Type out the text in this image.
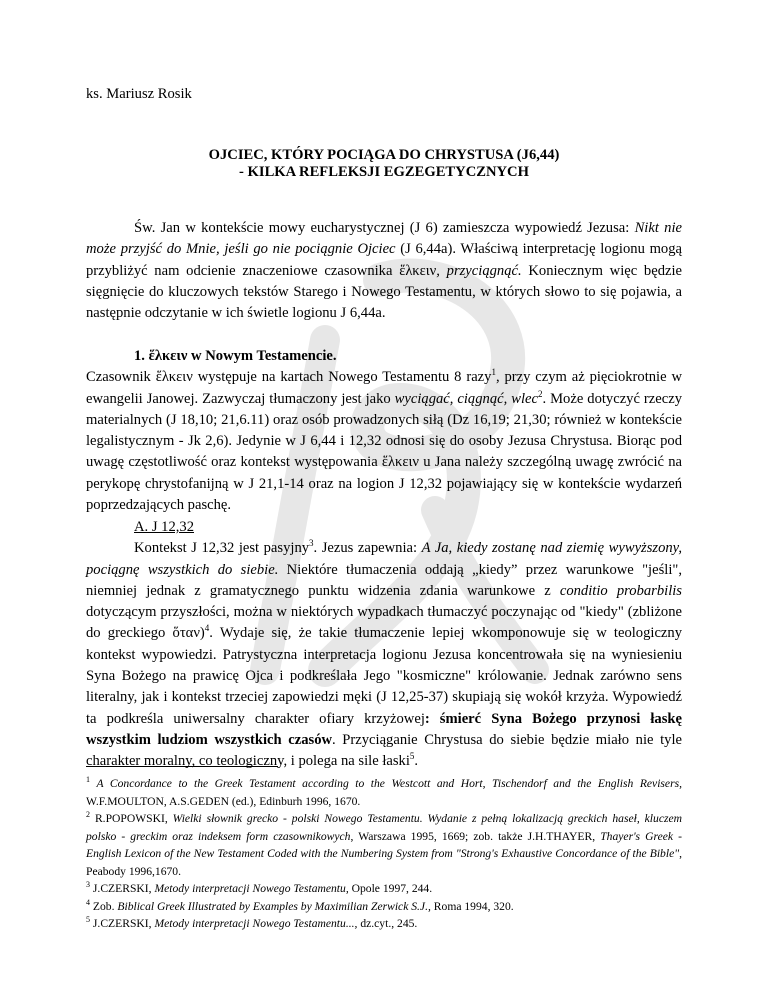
ks. Mariusz Rosik
OJCIEC, KTÓRY POCIĄGA DO CHRYSTUSA (J6,44)
- KILKA REFLEKSJI EGZEGETYCZNYCH

Św. Jan w kontekście mowy eucharystycznej (J 6) zamieszcza wypowiedź Jezusa: Nikt nie może przyjść do Mnie, jeśli go nie pociągnie Ojciec (J 6,44a). Właściwą interpretację logionu mogą przybliżyć nam odcienie znaczeniowe czasownika ἕλκειν, przyciągnąć. Koniecznym więc będzie sięgnięcie do kluczowych tekstów Starego i Nowego Testamentu, w których słowo to się pojawia, a następnie odczytanie w ich świetle logionu J 6,44a.

1. ἕλκειν w Nowym Testamencie.

Czasownik ἕλκειν występuje na kartach Nowego Testamentu 8 razy$^1$, przy czym aż pięciokrotnie w ewangelii Janowej. Zazwyczaj tłumaczony jest jako wyciągać, ciągnąć, wlec$^2$. Może dotyczyć rzeczy materialnych (J 18,10; 21,6.11) oraz osób prowadzonych siłą (Dz 16,19; 21,30; również w kontekście legalistycznym - Jk 2,6). Jedynie w J 6,44 i 12,32 odnosi się do osoby Jezusa Chrystusa. Biorąc pod uwagę częstotliwość oraz kontekst występowania ἕλκειν u Jana należy szczególną uwagę zwrócić na perykopę chrystofanijną w J 21,1-14 oraz na logion J 12,32 pojawiający się w kontekście wydarzeń poprzedzających paschę.

A. J 12,32

Kontekst J 12,32 jest pasyjny$^3$. Jezus zapewnia: A Ja, kiedy zostanę nad ziemię wywyższony, pociągnę wszystkich do siebie. Niektóre tłumaczenia oddają „kiedy” przez warunkowe "jeśli", niemniej jednak z gramatycznego punktu widzenia zdania warunkowe z conditio probarbilis dotyczącym przyszłości, można w niektórych wypadkach tłumaczyć poczynając od "kiedy" (zbliżone do greckiego ὅταν)$^4$. Wydaje się, że takie tłumaczenie lepiej wkomponowuje się w teologiczny kontekst wypowiedzi. Patrystyczna interpretacja logionu Jezusa koncentrowała się na wyniesieniu Syna Bożego na prawicę Ojca i podkreślała Jego "kosmiczne" królowanie. Jednak zarówno sens literalny, jak i kontekst trzeciej zapowiedzi męki (J 12,25-37) skupiają się wokół krzyża. Wypowiedź ta podkreśla uniwersalny charakter ofiary krzyżowej: śmierć Syna Bożego przynosi łaskę wszystkim ludziom wszystkich czasów. Przyciąganie Chrystusa do siebie będzie miało nie tyle charakter moralny, co teologiczny, i polega na sile łaski$^5$.

$^1$ A Concordance to the Greek Testament according to the Westcott and Hort, Tischendorf and the English Revisers, W.F.MOULTON, A.S.GEDEN (ed.), Edinburh 1996, 1670.

$^2$ R.POPOWSKI, Wielki słownik grecko - polski Nowego Testamentu. Wydanie z pełną lokalizacją greckich haseł, kluczem polsko - greckim oraz indeksem form czasownikowych, Warszawa 1995, 1669; zob. także J.H.THAYER, Thayer's Greek - English Lexicon of the New Testament Coded with the Numbering System from "Strong's Exhaustive Concordance of the Bible", Peabody 1996,1670.

$^3$ J.CZERSKI, Metody interpretacji Nowego Testamentu, Opole 1997, 244.

$^4$ Zob. Biblical Greek Illustrated by Examples by Maximilian Zerwick S.J., Roma 1994, 320.

$^5$ J.CZERSKI, Metody interpretacji Nowego Testamentu..., dz.cyt., 245.
